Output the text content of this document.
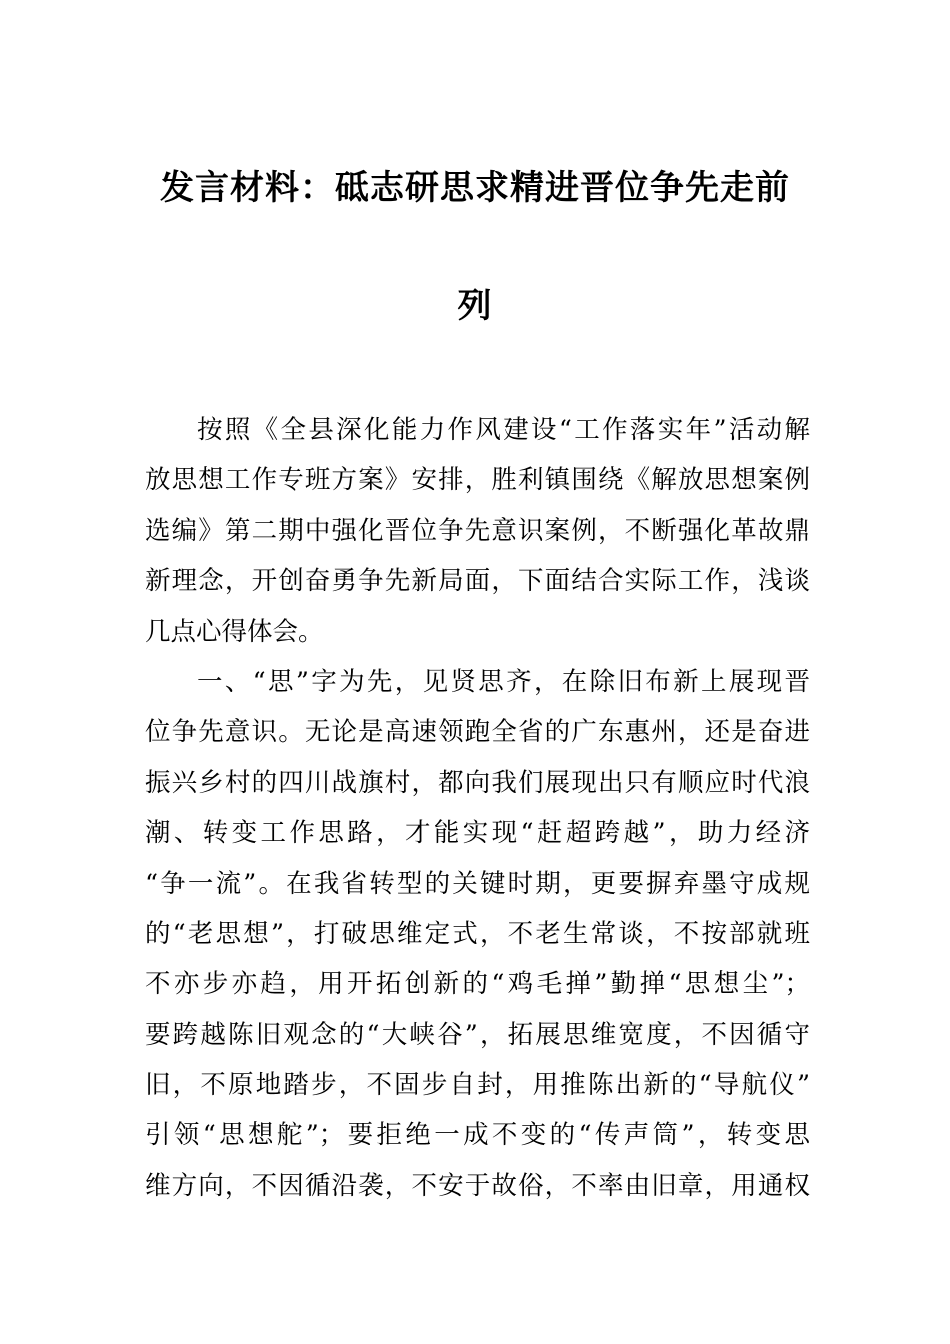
发言材料：砥志研思求精进晋位争先走前
列
按照《全县深化能力作风建设“工作落实年”活动解
放思想工作专班方案》安排，胜利镇围绕《解放思想案例
选编》第二期中强化晋位争先意识案例，不断强化革故鼎
新理念，开创奋勇争先新局面，下面结合实际工作，浅谈
几点心得体会。
一、“思”字为先，见贤思齐，在除旧布新上展现晋
位争先意识。无论是高速领跑全省的广东惠州，还是奋进
振兴乡村的四川战旗村，都向我们展现出只有顺应时代浪
潮、转变工作思路，才能实现“赶超跨越”，助力经济
“争一流”。在我省转型的关键时期，更要摒弃墨守成规
的“老思想”，打破思维定式，不老生常谈，不按部就班
不亦步亦趋，用开拓创新的“鸡毛掸”勤掸“思想尘”；
要跨越陈旧观念的“大峡谷”，拓展思维宽度，不因循守
旧，不原地踏步，不固步自封，用推陈出新的“导航仪”
引领“思想舵”；要拒绝一成不变的“传声筒”，转变思
维方向，不因循沿袭，不安于故俗，不率由旧章，用通权
